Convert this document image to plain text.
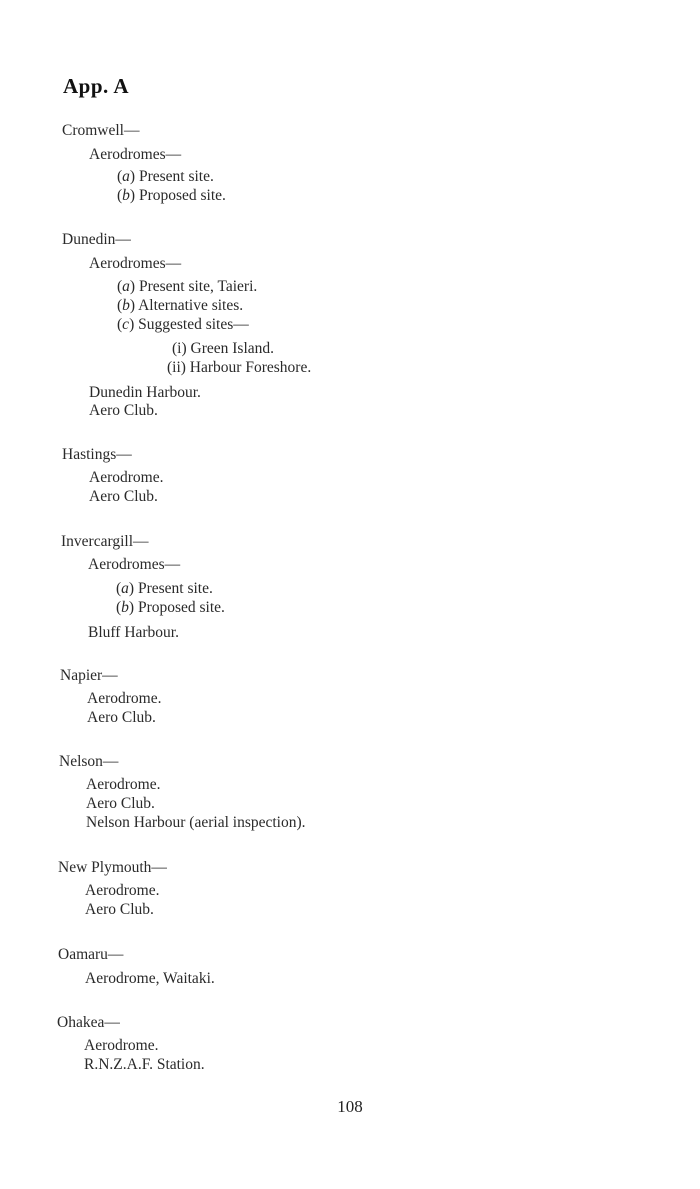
App. A
Cromwell—
Aerodromes—
(a) Present site.
(b) Proposed site.
Dunedin—
Aerodromes—
(a) Present site, Taieri.
(b) Alternative sites.
(c) Suggested sites—
(i) Green Island.
(ii) Harbour Foreshore.
Dunedin Harbour.
Aero Club.
Hastings—
Aerodrome.
Aero Club.
Invercargill—
Aerodromes—
(a) Present site.
(b) Proposed site.
Bluff Harbour.
Napier—
Aerodrome.
Aero Club.
Nelson—
Aerodrome.
Aero Club.
Nelson Harbour (aerial inspection).
New Plymouth—
Aerodrome.
Aero Club.
Oamaru—
Aerodrome, Waitaki.
Ohakea—
Aerodrome.
R.N.Z.A.F. Station.
108
